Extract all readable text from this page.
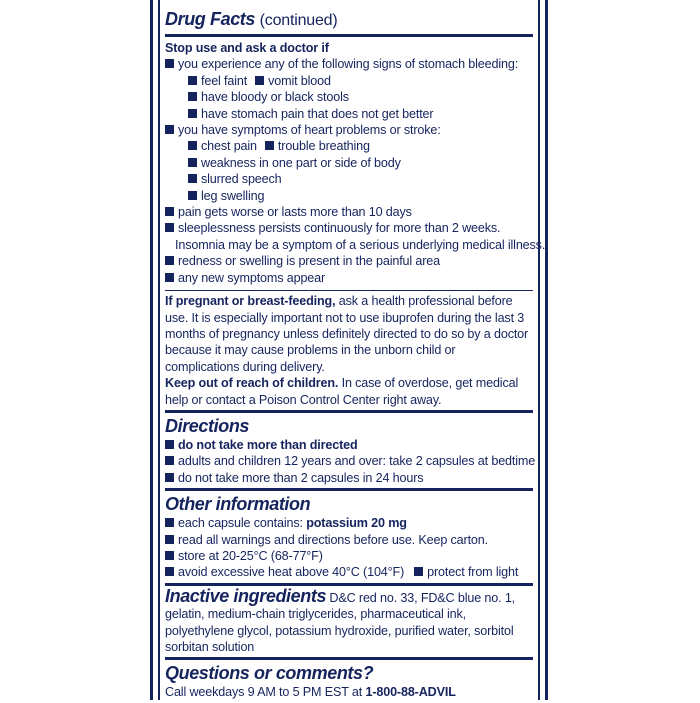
Drug Facts (continued)
Stop use and ask a doctor if
you experience any of the following signs of stomach bleeding:
feel faint vomit blood
have bloody or black stools
have stomach pain that does not get better
you have symptoms of heart problems or stroke:
chest pain trouble breathing
weakness in one part or side of body
slurred speech
leg swelling
pain gets worse or lasts more than 10 days
sleeplessness persists continuously for more than 2 weeks.
Insomnia may be a symptom of a serious underlying medical illness.
redness or swelling is present in the painful area
any new symptoms appear

If pregnant or breast-feeding, ask a health professional before use. It is especially important not to use ibuprofen during the last 3 months of pregnancy unless definitely directed to do so by a doctor because it may cause problems in the unborn child or complications during delivery.

Keep out of reach of children. In case of overdose, get medical help or contact a Poison Control Center right away.

Directions
do not take more than directed
adults and children 12 years and over: take 2 capsules at bedtime
do not take more than 2 capsules in 24 hours
Other information
each capsule contains: potassium 20 mg
read all warnings and directions before use. Keep carton.
store at 20-25°C (68-77°F)
avoid excessive heat above 40°C (104°F) protect from light

Inactive ingredients D&C red no. 33, FD&C blue no. 1, gelatin, medium-chain triglycerides, pharmaceutical ink, polyethylene glycol, potassium hydroxide, purified water, sorbitol sorbitan solution

Questions or comments?
Call weekdays 9 AM to 5 PM EST at 1-800-88-ADVIL
